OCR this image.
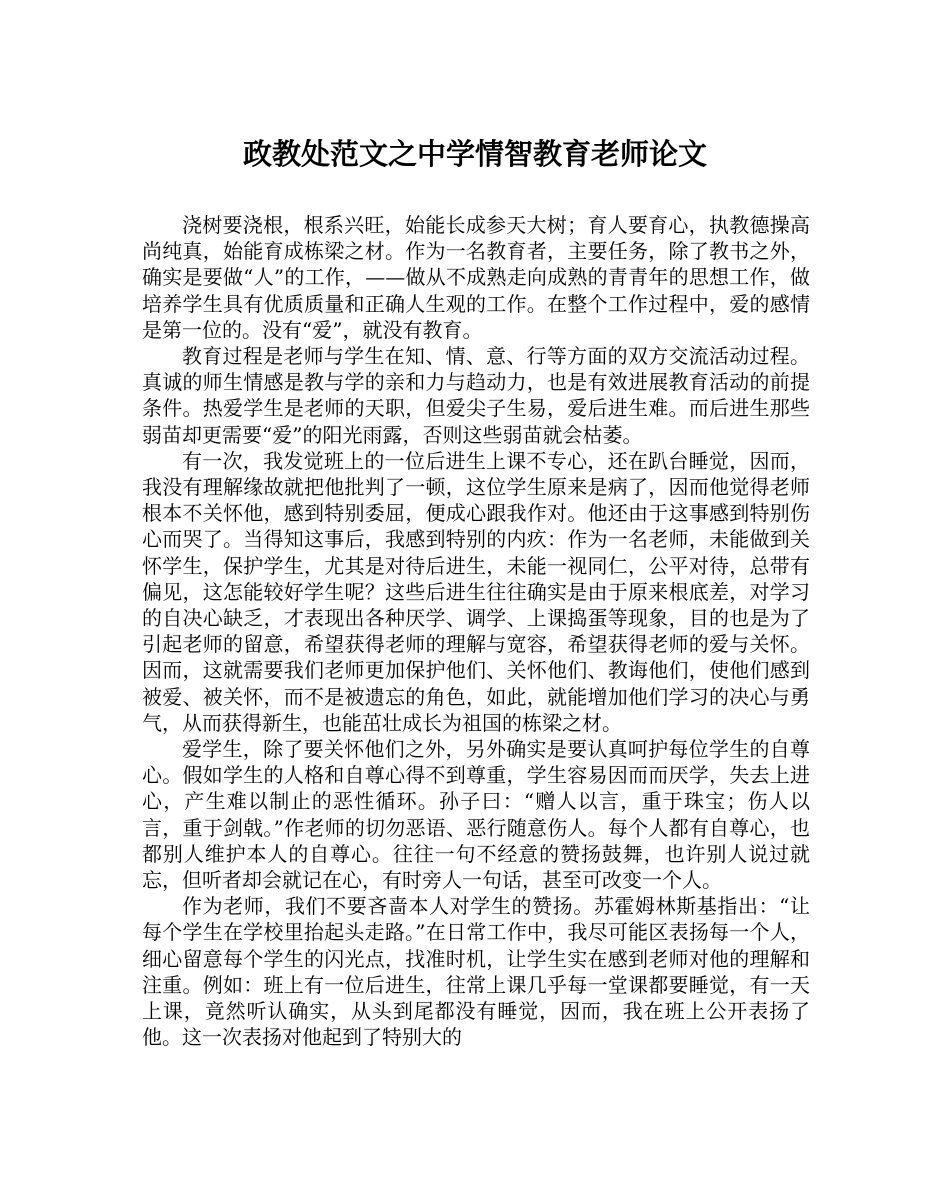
政教处范文之中学情智教育老师论文

浇树要浇根，根系兴旺，始能长成参天大树；育人要育心，执教德操高尚纯真，始能育成栋梁之材。作为一名教育者，主要任务，除了教书之外，确实是要做“人”的工作，——做从不成熟走向成熟的青青年的思想工作，做培养学生具有优质质量和正确人生观的工作。在整个工作过程中，爱的感情是第一位的。没有“爱”，就没有教育。

教育过程是老师与学生在知、情、意、行等方面的双方交流活动过程。真诚的师生情感是教与学的亲和力与趋动力，也是有效进展教育活动的前提条件。热爱学生是老师的天职，但爱尖子生易，爱后进生难。而后进生那些弱苗却更需要“爱”的阳光雨露，否则这些弱苗就会枯萎。

有一次，我发觉班上的一位后进生上课不专心，还在趴台睡觉，因而，我没有理解缘故就把他批判了一顿，这位学生原来是病了，因而他觉得老师根本不关怀他，感到特别委屈，便成心跟我作对。他还由于这事感到特别伤心而哭了。当得知这事后，我感到特别的内疚：作为一名老师，未能做到关怀学生，保护学生，尤其是对待后进生，未能一视同仁，公平对待，总带有偏见，这怎能较好学生呢？这些后进生往往确实是由于原来根底差，对学习的自决心缺乏，才表现出各种厌学、调学、上课捣蛋等现象，目的也是为了引起老师的留意，希望获得老师的理解与宽容，希望获得老师的爱与关怀。因而，这就需要我们老师更加保护他们、关怀他们、教诲他们，使他们感到被爱、被关怀，而不是被遗忘的角色，如此，就能增加他们学习的决心与勇气，从而获得新生，也能茁壮成长为祖国的栋梁之材。

爱学生，除了要关怀他们之外，另外确实是要认真呵护每位学生的自尊心。假如学生的人格和自尊心得不到尊重，学生容易因而而厌学，失去上进心，产生难以制止的恶性循环。孙子曰：“赠人以言，重于珠宝；伤人以言，重于剑戟。”作老师的切勿恶语、恶行随意伤人。每个人都有自尊心，也都别人维护本人的自尊心。往往一句不经意的赞扬鼓舞，也许别人说过就忘，但听者却会就记在心，有时旁人一句话，甚至可改变一个人。

作为老师，我们不要吝啬本人对学生的赞扬。苏霍姆林斯基指出：“让每个学生在学校里抬起头走路。”在日常工作中，我尽可能区表扬每一个人，细心留意每个学生的闪光点，找准时机，让学生实在感到老师对他的理解和注重。例如：班上有一位后进生，往常上课几乎每一堂课都要睡觉，有一天上课，竟然听认确实，从头到尾都没有睡觉，因而，我在班上公开表扬了他。这一次表扬对他起到了特别大的
